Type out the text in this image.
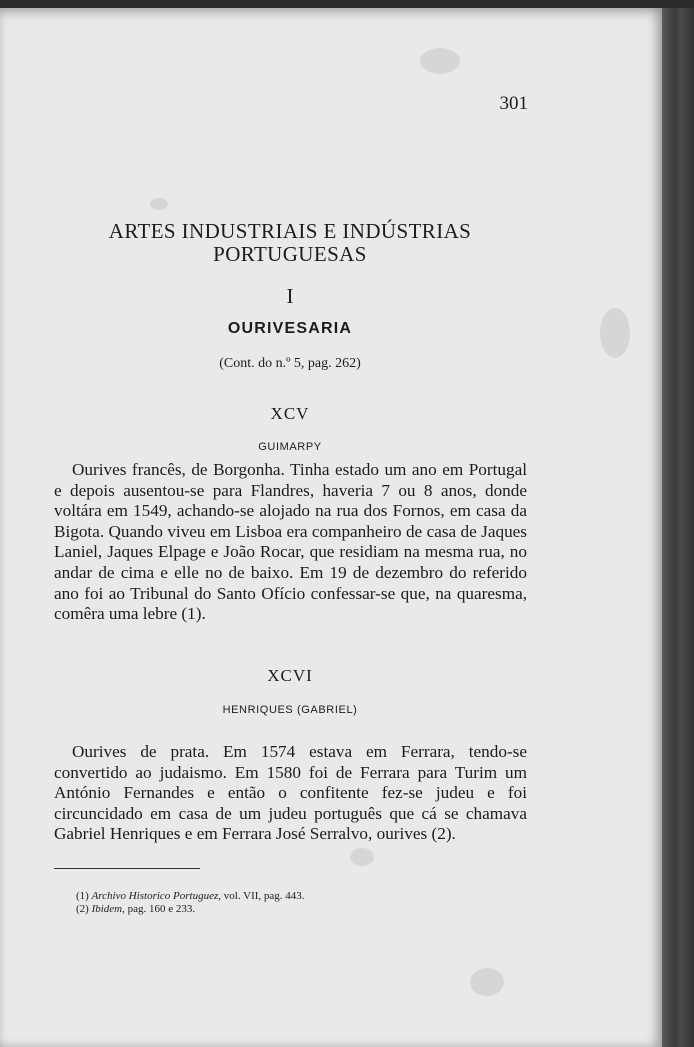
301
ARTES INDUSTRIAIS E INDÚSTRIAS
PORTUGUESAS
I
OURIVESARIA
(Cont. do n.º 5, pag. 262)
XCV
GUIMARPY

Ourives francês, de Borgonha. Tinha estado um ano em Portugal e depois ausentou-se para Flandres, haveria 7 ou 8 anos, donde voltára em 1549, achando-se alojado na rua dos Fornos, em casa da Bigota. Quando viveu em Lisboa era companheiro de casa de Jaques Laniel, Jaques Elpage e João Rocar, que residiam na mesma rua, no andar de cima e elle no de baixo. Em 19 de dezembro do referido ano foi ao Tribunal do Santo Ofício confessar-se que, na quaresma, comêra uma lebre (1).

XCVI
HENRIQUES (GABRIEL)

Ourives de prata. Em 1574 estava em Ferrara, tendo-se convertido ao judaismo. Em 1580 foi de Ferrara para Turim um António Fernandes e então o confitente fez-se judeu e foi circuncidado em casa de um judeu português que cá se chamava Gabriel Henriques e em Ferrara José Serralvo, ourives (2).

(1) Archivo Historico Portuguez, vol. VII, pag. 443.
(2) Ibidem, pag. 160 e 233.
